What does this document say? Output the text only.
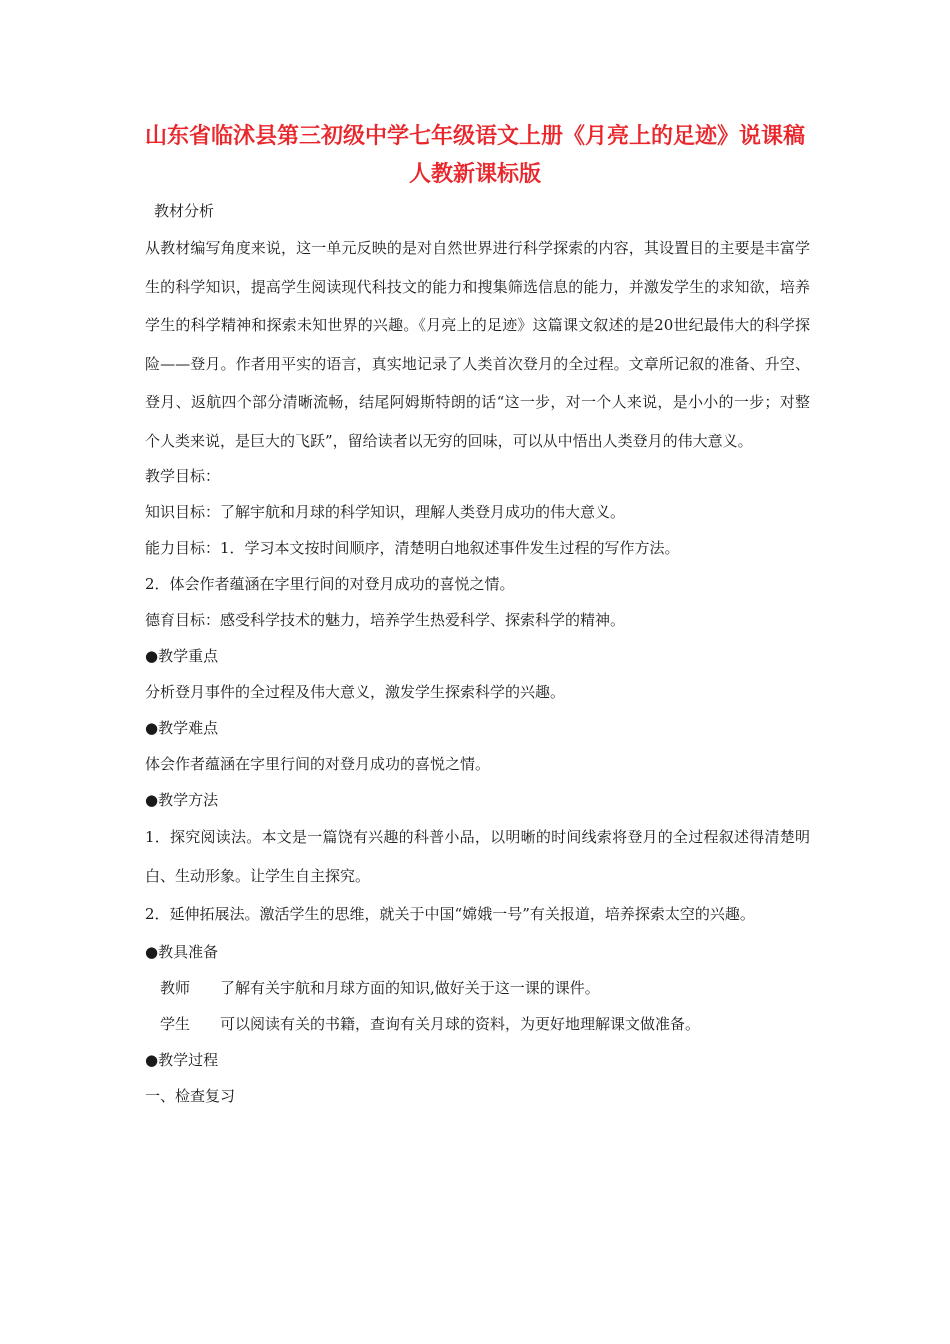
山东省临沭县第三初级中学七年级语文上册《月亮上的足迹》说课稿 人教新课标版

教材分析

从教材编写角度来说，这一单元反映的是对自然世界进行科学探索的内容，其设置目的主要是丰富学生的科学知识，提高学生阅读现代科技文的能力和搜集筛选信息的能力，并激发学生的求知欲，培养学生的科学精神和探索未知世界的兴趣。《月亮上的足迹》这篇课文叙述的是20世纪最伟大的科学探险——登月。作者用平实的语言，真实地记录了人类首次登月的全过程。文章所记叙的准备、升空、登月、返航四个部分清晰流畅，结尾阿姆斯特朗的话“这一步，对一个人来说，是小小的一步；对整个人类来说，是巨大的飞跃”，留给读者以无穷的回味，可以从中悟出人类登月的伟大意义。

教学目标：

知识目标：了解宇航和月球的科学知识，理解人类登月成功的伟大意义。

能力目标：1．学习本文按时间顺序，清楚明白地叙述事件发生过程的写作方法。

2．体会作者蕴涵在字里行间的对登月成功的喜悦之情。

德育目标：感受科学技术的魅力，培养学生热爱科学、探索科学的精神。

●教学重点

分析登月事件的全过程及伟大意义，激发学生探索科学的兴趣。

●教学难点

体会作者蕴涵在字里行间的对登月成功的喜悦之情。

●教学方法

1．探究阅读法。本文是一篇饶有兴趣的科普小品，以明晰的时间线索将登月的全过程叙述得清楚明白、生动形象。让学生自主探究。

2．延伸拓展法。激活学生的思维，就关于中国“嫦娥一号”有关报道，培养探索太空的兴趣。

●教具准备

教师 了解有关宇航和月球方面的知识,做好关于这一课的课件。

学生 可以阅读有关的书籍，查询有关月球的资料，为更好地理解课文做准备。

●教学过程

一、检查复习
